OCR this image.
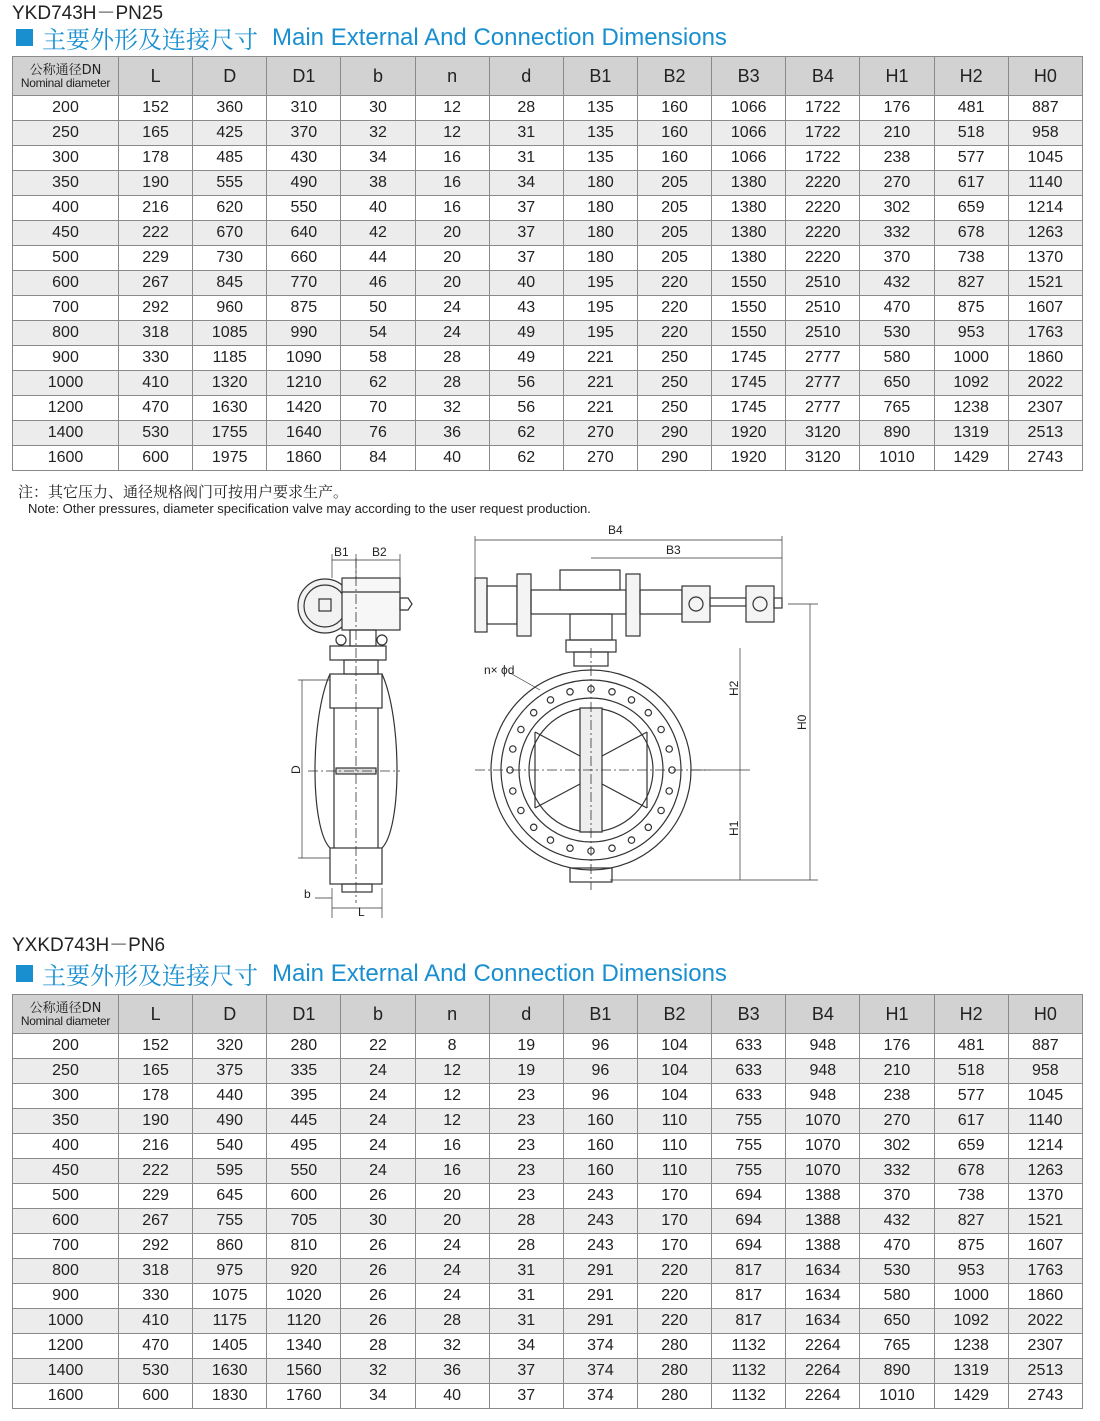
YKD743H－PN25
主要外形及连接尺寸 Main External And Connection Dimensions
公称通径DN
Nominal diameter	L	D	D1	b	n	d	B1	B2	B3	B4	H1	H2	H0
200	152	360	310	30	12	28	135	160	1066	1722	176	481	887
250	165	425	370	32	12	31	135	160	1066	1722	210	518	958
300	178	485	430	34	16	31	135	160	1066	1722	238	577	1045
350	190	555	490	38	16	34	180	205	1380	2220	270	617	1140
400	216	620	550	40	16	37	180	205	1380	2220	302	659	1214
450	222	670	640	42	20	37	180	205	1380	2220	332	678	1263
500	229	730	660	44	20	37	180	205	1380	2220	370	738	1370
600	267	845	770	46	20	40	195	220	1550	2510	432	827	1521
700	292	960	875	50	24	43	195	220	1550	2510	470	875	1607
800	318	1085	990	54	24	49	195	220	1550	2510	530	953	1763
900	330	1185	1090	58	28	49	221	250	1745	2777	580	1000	1860
1000	410	1320	1210	62	28	56	221	250	1745	2777	650	1092	2022
1200	470	1630	1420	70	32	56	221	250	1745	2777	765	1238	2307
1400	530	1755	1640	76	36	62	270	290	1920	3120	890	1319	2513
1600	600	1975	1860	84	40	62	270	290	1920	3120	1010	1429	2743
注：其它压力、通径规格阀门可按用户要求生产。
Note: Other pressures, diameter specification valve may according to the user request production.
B1 B2
D
b
L
B4
B3
n× ϕd
H2
H1
H0
YXKD743H－PN6
主要外形及连接尺寸 Main External And Connection Dimensions
公称通径DN
Nominal diameter	L	D	D1	b	n	d	B1	B2	B3	B4	H1	H2	H0
200	152	320	280	22	8	19	96	104	633	948	176	481	887
250	165	375	335	24	12	19	96	104	633	948	210	518	958
300	178	440	395	24	12	23	96	104	633	948	238	577	1045
350	190	490	445	24	12	23	160	110	755	1070	270	617	1140
400	216	540	495	24	16	23	160	110	755	1070	302	659	1214
450	222	595	550	24	16	23	160	110	755	1070	332	678	1263
500	229	645	600	26	20	23	243	170	694	1388	370	738	1370
600	267	755	705	30	20	28	243	170	694	1388	432	827	1521
700	292	860	810	26	24	28	243	170	694	1388	470	875	1607
800	318	975	920	26	24	31	291	220	817	1634	530	953	1763
900	330	1075	1020	26	24	31	291	220	817	1634	580	1000	1860
1000	410	1175	1120	26	28	31	291	220	817	1634	650	1092	2022
1200	470	1405	1340	28	32	34	374	280	1132	2264	765	1238	2307
1400	530	1630	1560	32	36	37	374	280	1132	2264	890	1319	2513
1600	600	1830	1760	34	40	37	374	280	1132	2264	1010	1429	2743
